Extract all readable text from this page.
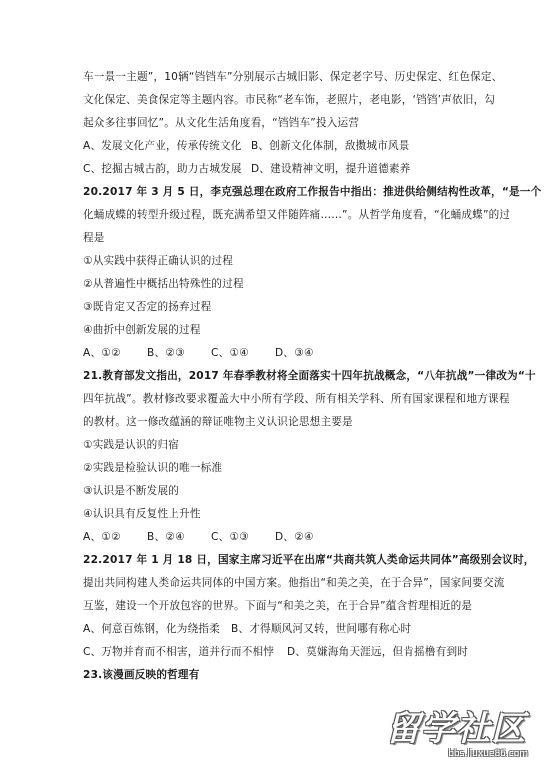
车一景一主题”，10辆“铛铛车”分别展示古城旧影、保定老字号、历史保定、红色保定、
文化保定、美食保定等主题内容。市民称“老车饰，老照片，老电影，‘铛铛’声依旧，勾
起众多往事回忆”。从文化生活角度看，“铛铛车”投入运营
A、发展文化产业，传承传统文化 B、创新文化体制，敌擞城市风景
C、挖掘古城古韵，助力古城发展 D、建设精神文明，提升道德素养
20.2017 年 3 月 5 日，李克强总理在政府工作报告中指出：推进供给侧结构性改革，“是一个
化蛹成蝶的转型升级过程，既充满希望又伴随阵痛……”。从哲学角度看，“化蛹成蝶”的过
程是
①从实践中获得正确认识的过程
②从普遍性中概括出特殊性的过程
③既肯定又否定的扬弃过程
④曲折中创新发展的过程
A、①②	B、②③	C、①④	D、③④
21.教育部发文指出，2017 年春季教材将全面落实十四年抗战概念，“八年抗战”一律改为“十
四年抗战”。教材修改要求覆盖大中小所有学段、所有相关学科、所有国家课程和地方课程
的教材。这一修改蕴涵的辩证唯物主义认识论思想主要是
①实践是认识的归宿
②实践是检验认识的唯一标准
③认识是不断发展的
④认识具有反复性上升性
A、①②	B、②④	C、①③	D、②④
22.2017 年 1 月 18 日，国家主席习近平在出席“共商共筑人类命运共同体”高级别会议时，
提出共同构建人类命运共同体的中国方案。他指出“和美之美，在于合异”，国家间要交流
互鉴，建设一个开放包容的世界。下面与“和美之美，在于合异”蕴含哲理相近的是
A、何意百炼钢，化为绕指柔	B、才得顺风河又转，世间哪有称心时
C、万物并育而不相害，道并行而不相悖	D、莫嫌海角天涯远，但肯摇橹有到时
23.该漫画反映的哲理有
留学社区
bbs.liuxue86.com
